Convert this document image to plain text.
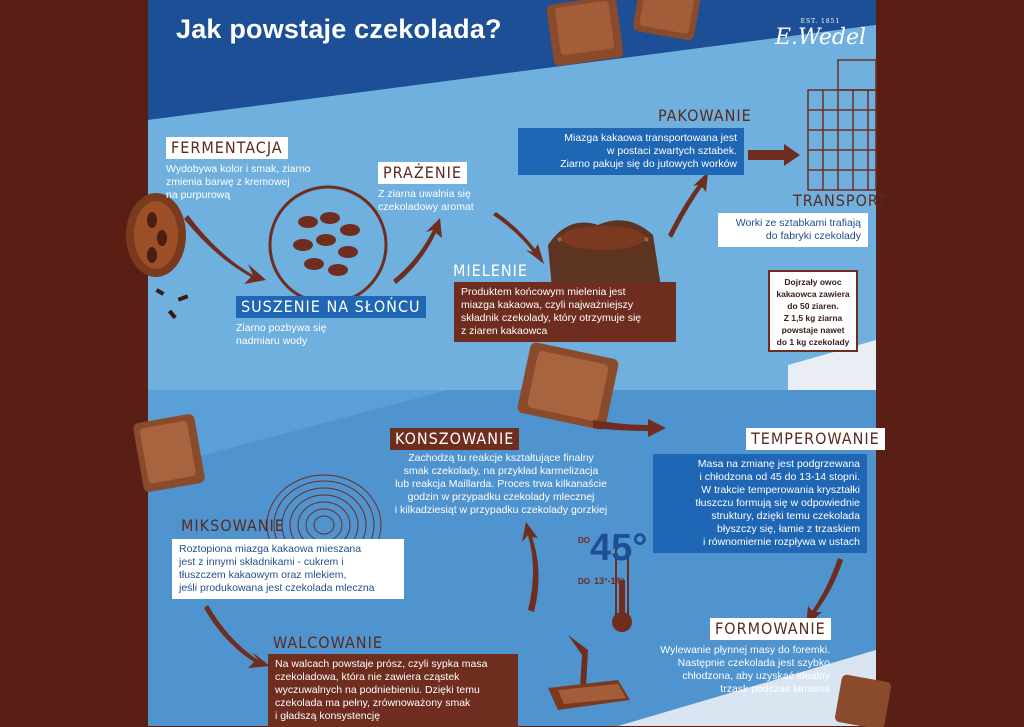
Jak powstaje czekolada?	EST. 1851
E.Wedel
FERMENTACJA
Wydobywa kolor i smak, ziarno
zmienia barwę z kremowej
na purpurową
PRAŻENIE
Z ziarna uwalnia się
czekoladowy aromat
SUSZENIE NA SŁOŃCU
Ziarno pozbywa się
nadmiaru wody
MIELENIE
Produktem końcowym mielenia jest
miazga kakaowa, czyli najważniejszy
składnik czekolady, który otrzymuje się
z ziaren kakaowca
PAKOWANIE
Miazga kakaowa transportowana jest
w postaci zwartych sztabek.
Ziarno pakuje się do jutowych worków
TRANSPORT
Worki ze sztabkami trafiają
do fabryki czekolady
Dojrzały owoc
kakaowca zawiera
do 50 ziaren.
Z 1,5 kg ziarna
powstaje nawet
do 1 kg czekolady
KONSZOWANIE
Zachodzą tu reakcje kształtujące finalny
smak czekolady, na przykład karmelizacja
lub reakcja Maillarda. Proces trwa kilkanaście
godzin w przypadku czekolady mlecznej
i kilkadziesiąt w przypadku czekolady gorzkiej
TEMPEROWANIE
Masa na zmianę jest podgrzewana
i chłodzona od 45 do 13-14 stopni.
W trakcie temperowania kryształki
tłuszczu formują się w odpowiednie
struktury, dzięki temu czekolada
błyszczy się, łamie z trzaskiem
i równomiernie rozpływa w ustach
DO 45°
DO 13°-14°
MIKSOWANIE
Roztopiona miazga kakaowa mieszana
jest z innymi składnikami - cukrem i
tłuszczem kakaowym oraz mlekiem,
jeśli produkowana jest czekolada mleczna
WALCOWANIE
Na walcach powstaje prósz, czyli sypka masa
czekoladowa, która nie zawiera cząstek
wyczuwalnych na podniebieniu. Dzięki temu
czekolada ma pełny, zrównoważony smak
i gładszą konsystencję
FORMOWANIE
Wylewanie płynnej masy do foremki.
Następnie czekolada jest szybko
chłodzona, aby uzyskać idealny
trzask podczas łamania
